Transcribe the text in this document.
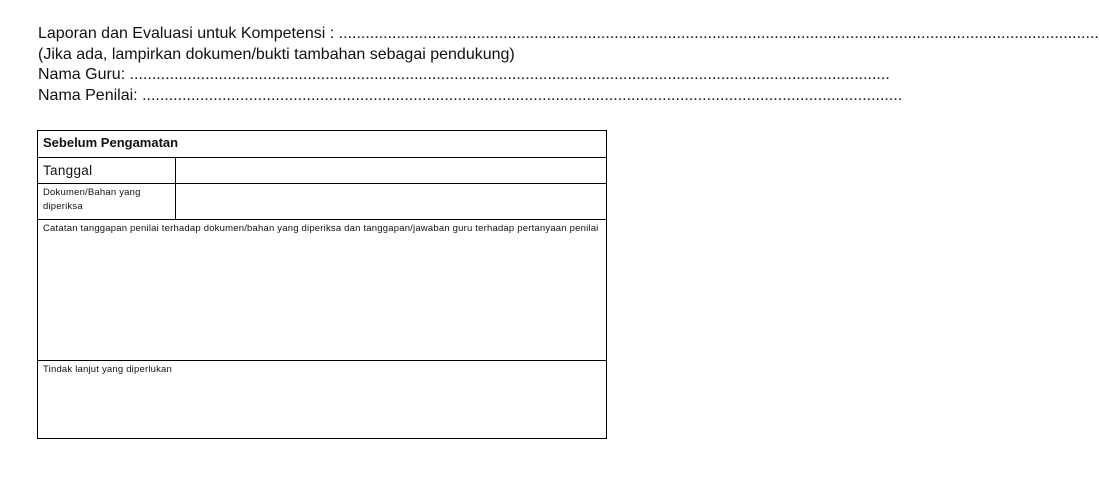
Laporan dan Evaluasi untuk Kompetensi :
...........................................................................................................................................................................
(Jika ada, lampirkan dokumen/bukti tambahan sebagai pendukung)
Nama Guru :
...........................................................................................................................................................................
Nama Penilai :
...........................................................................................................................................................................
Sebelum Pengamatan	
Tanggal	
Dokumen/Bahan yang diperiksa	
Catatan tanggapan penilai terhadap dokumen/bahan yang diperiksa dan tanggapan/jawaban guru terhadap pertanyaan penilai	
Tindak lanjut yang diperlukan	
